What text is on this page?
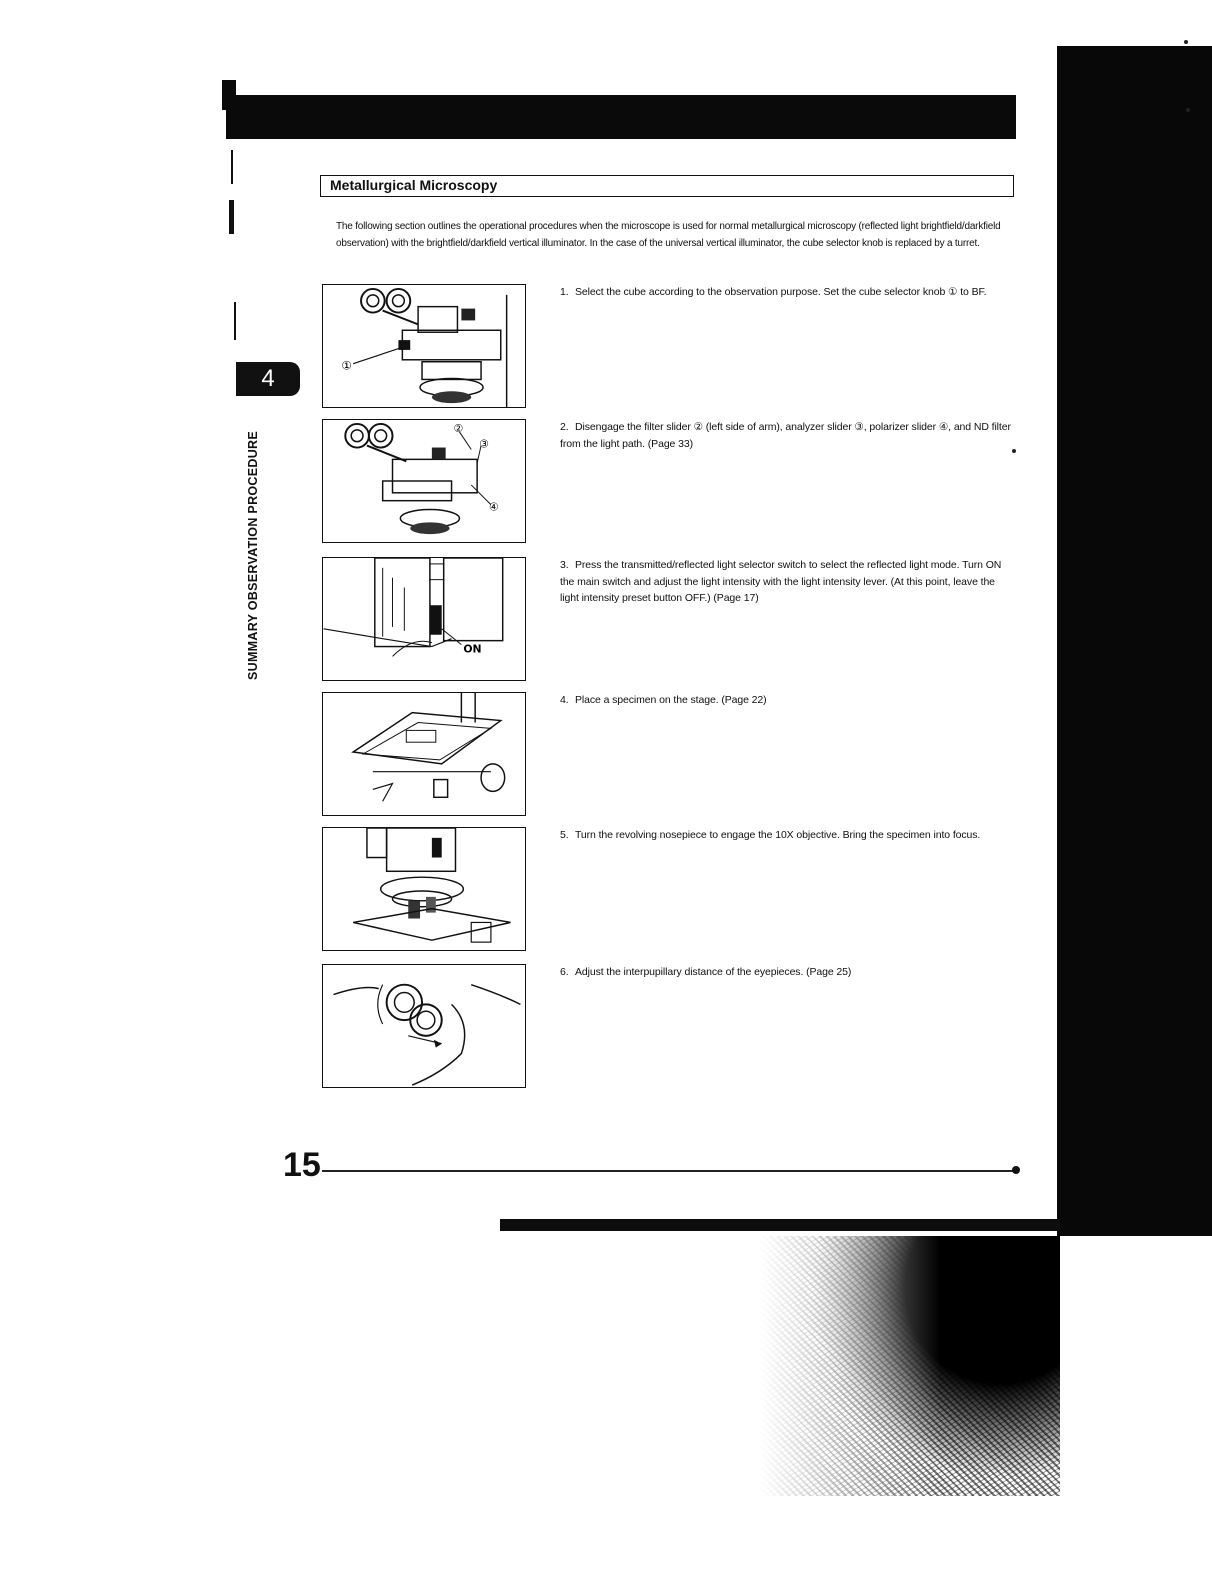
4
SUMMARY OBSERVATION PROCEDURE
Metallurgical Microscopy
The following section outlines the operational procedures when the microscope is used for normal metallurgical microscopy (reflected light brightfield/darkfield observation) with the brightfield/darkfield vertical illuminator. In the case of the universal vertical illuminator, the cube selector knob is replaced by a turret.
①
1. Select the cube according to the observation purpose. Set the cube selector knob ① to BF.
②
③
④
2. Disengage the filter slider ② (left side of arm), analyzer slider ③, polarizer slider ④, and ND filter from the light path. (Page 33)
ON
3. Press the transmitted/reflected light selector switch to select the reflected light mode. Turn ON the main switch and adjust the light intensity with the light intensity lever. (At this point, leave the light intensity preset button OFF.) (Page 17)
4. Place a specimen on the stage. (Page 22)
5. Turn the revolving nosepiece to engage the 10X objective. Bring the specimen into focus.
6. Adjust the interpupillary distance of the eyepieces. (Page 25)
15
